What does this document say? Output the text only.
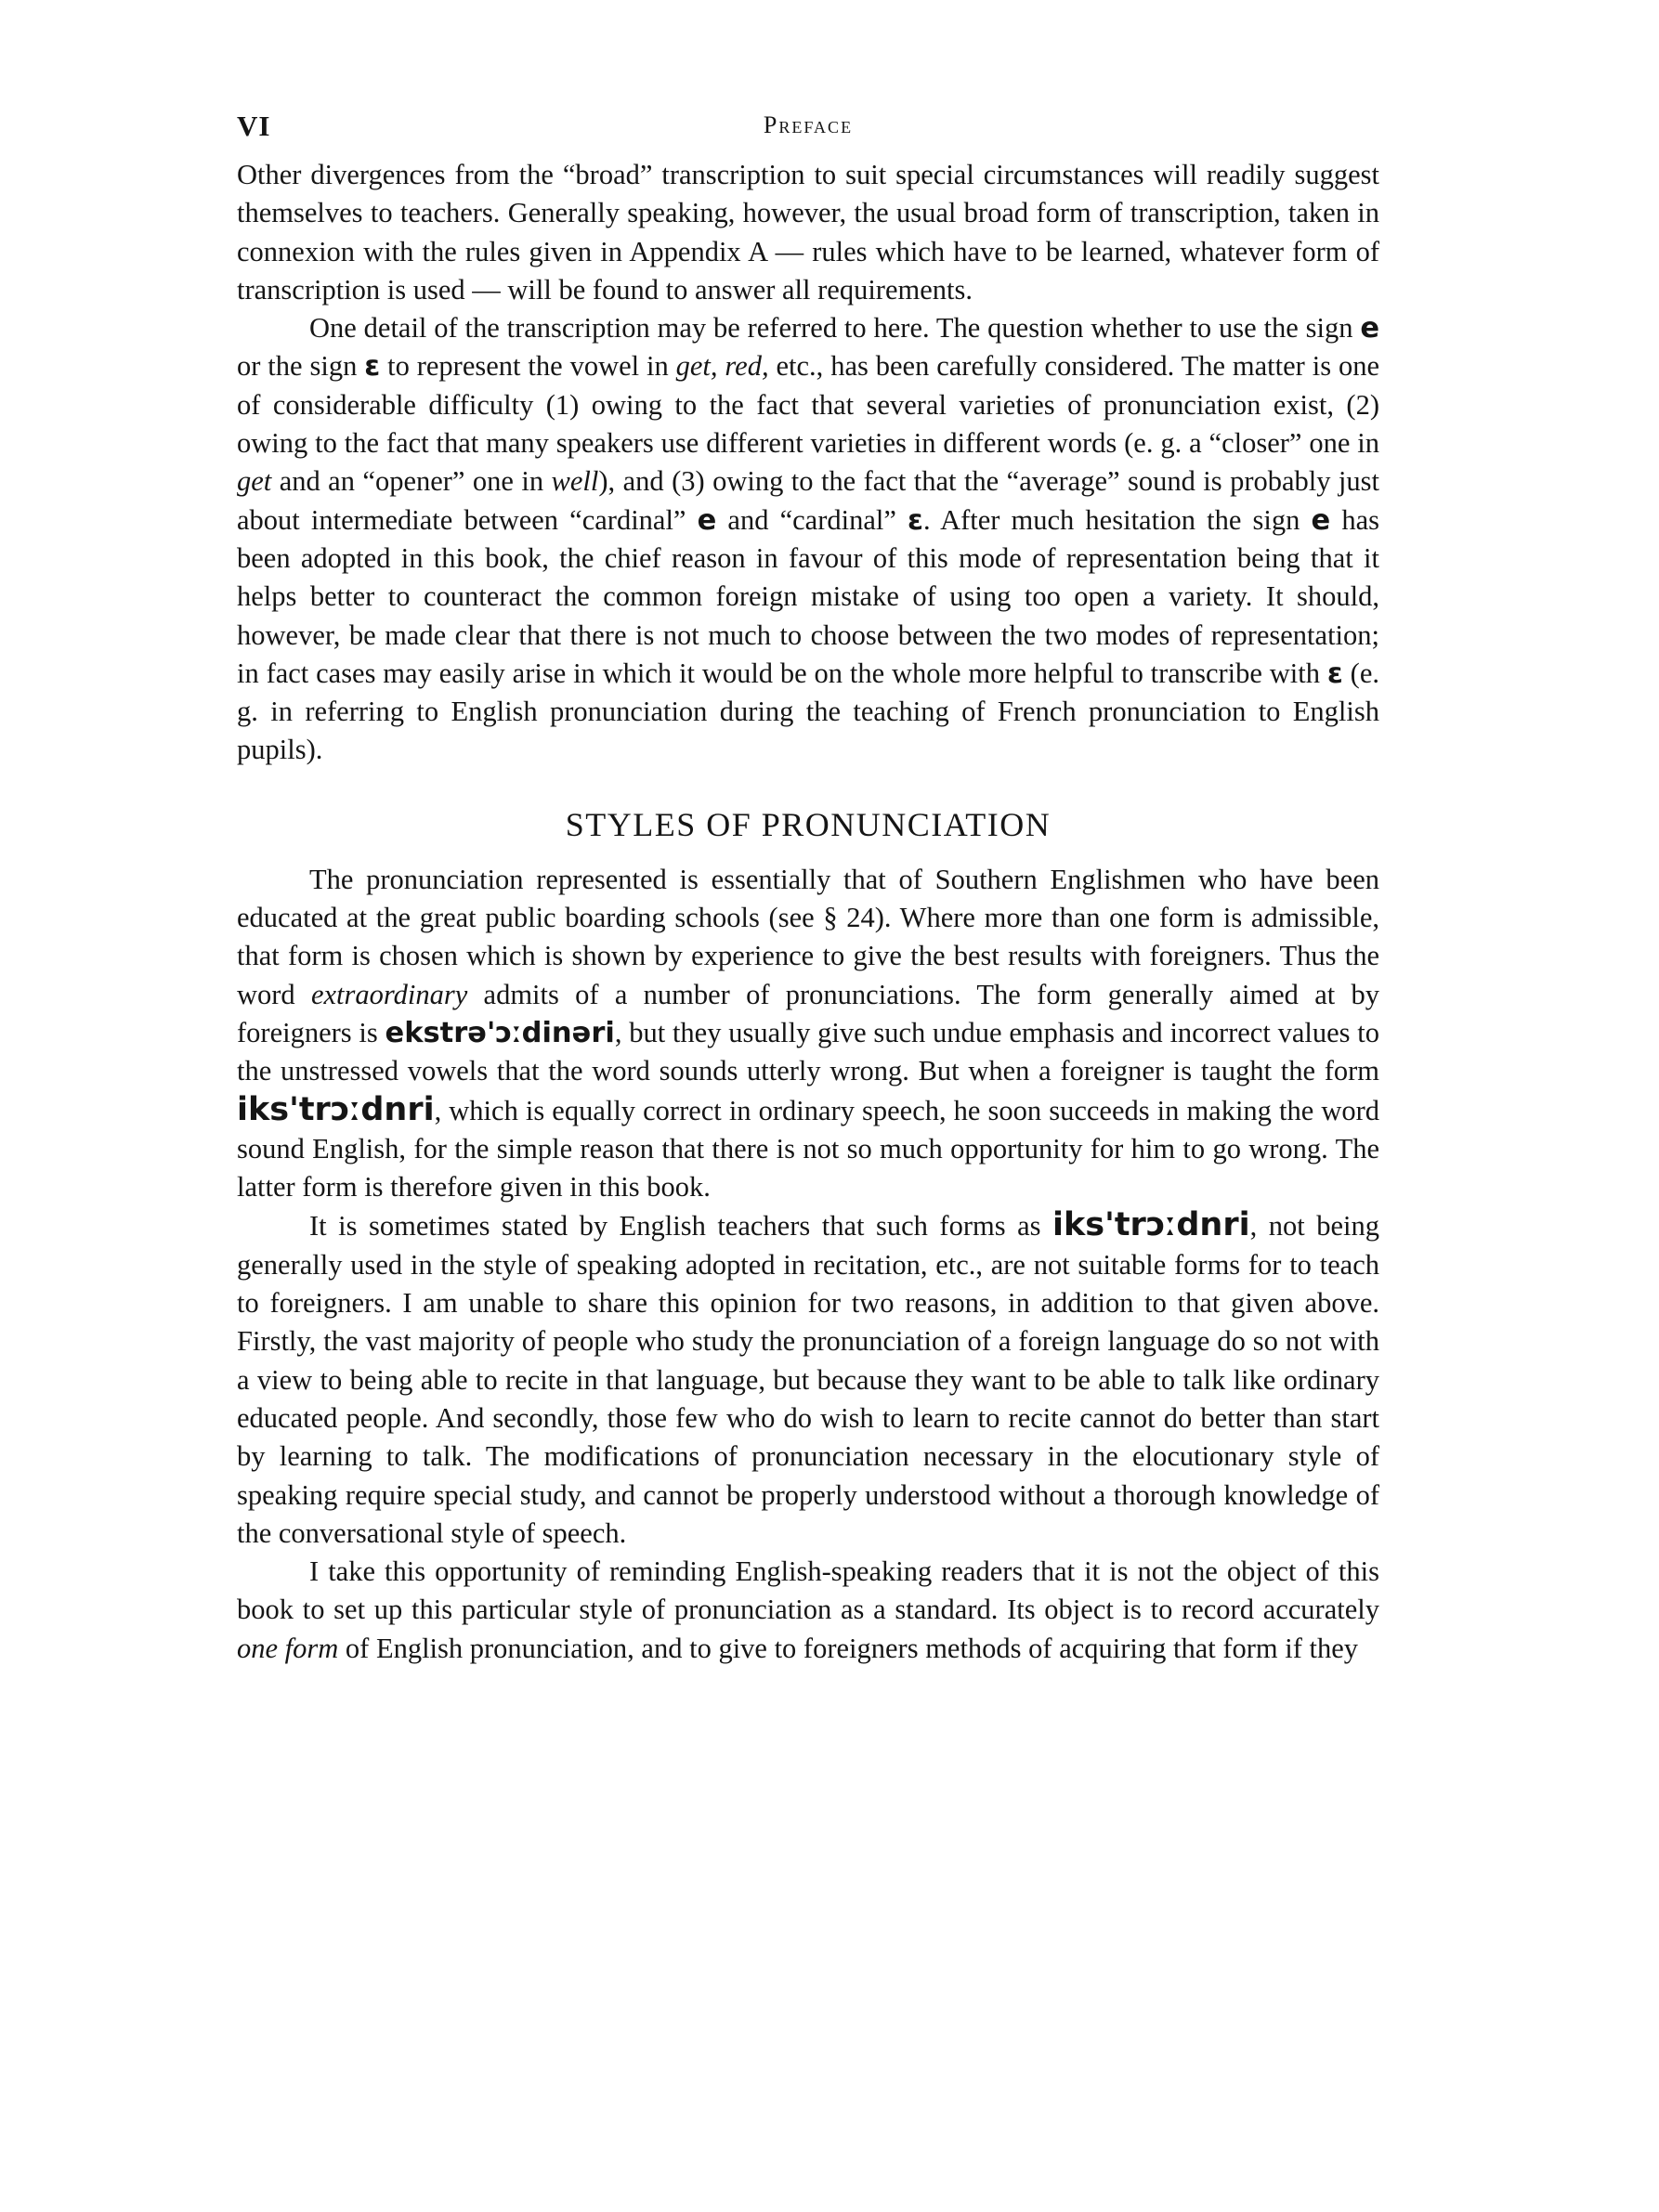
VI	Preface

Other divergences from the “broad” transcription to suit special circumstances will readily suggest themselves to teachers. Generally speaking, however, the usual broad form of transcription, taken in connexion with the rules given in Appendix A — rules which have to be learned, whatever form of transcription is used — will be found to answer all requirements.

One detail of the transcription may be referred to here. The question whether to use the sign e or the sign ɛ to represent the vowel in get, red, etc., has been carefully considered. The matter is one of considerable difficulty (1) owing to the fact that several varieties of pronunciation exist, (2) owing to the fact that many speakers use different varieties in different words (e. g. a “closer” one in get and an “opener” one in well), and (3) owing to the fact that the “average” sound is probably just about intermediate between “cardinal” e and “cardinal” ɛ. After much hesitation the sign e has been adopted in this book, the chief reason in favour of this mode of representation being that it helps better to counteract the common foreign mistake of using too open a variety. It should, however, be made clear that there is not much to choose between the two modes of representation; in fact cases may easily arise in which it would be on the whole more helpful to transcribe with ɛ (e. g. in referring to English pronunciation during the teaching of French pronunciation to English pupils).

STYLES OF PRONUNCIATION

The pronunciation represented is essentially that of Southern Englishmen who have been educated at the great public boarding schools (see § 24). Where more than one form is admissible, that form is chosen which is shown by experience to give the best results with foreigners. Thus the word extraordinary admits of a number of pronunciations. The form generally aimed at by foreigners is ekstrə'ɔːdinəri, but they usually give such undue emphasis and incorrect values to the unstressed vowels that the word sounds utterly wrong. But when a foreigner is taught the form iks'trɔːdnri, which is equally correct in ordinary speech, he soon succeeds in making the word sound English, for the simple reason that there is not so much opportunity for him to go wrong. The latter form is therefore given in this book.

It is sometimes stated by English teachers that such forms as iks'trɔːdnri, not being generally used in the style of speaking adopted in recitation, etc., are not suitable forms for to teach to foreigners. I am unable to share this opinion for two reasons, in addition to that given above. Firstly, the vast majority of people who study the pronunciation of a foreign language do so not with a view to being able to recite in that language, but because they want to be able to talk like ordinary educated people. And secondly, those few who do wish to learn to recite cannot do better than start by learning to talk. The modifications of pronunciation necessary in the elocutionary style of speaking require special study, and cannot be properly understood without a thorough knowledge of the conversational style of speech.

I take this opportunity of reminding English-speaking readers that it is not the object of this book to set up this particular style of pronunciation as a standard. Its object is to record accurately one form of English pronunciation, and to give to foreigners methods of acquiring that form if they
